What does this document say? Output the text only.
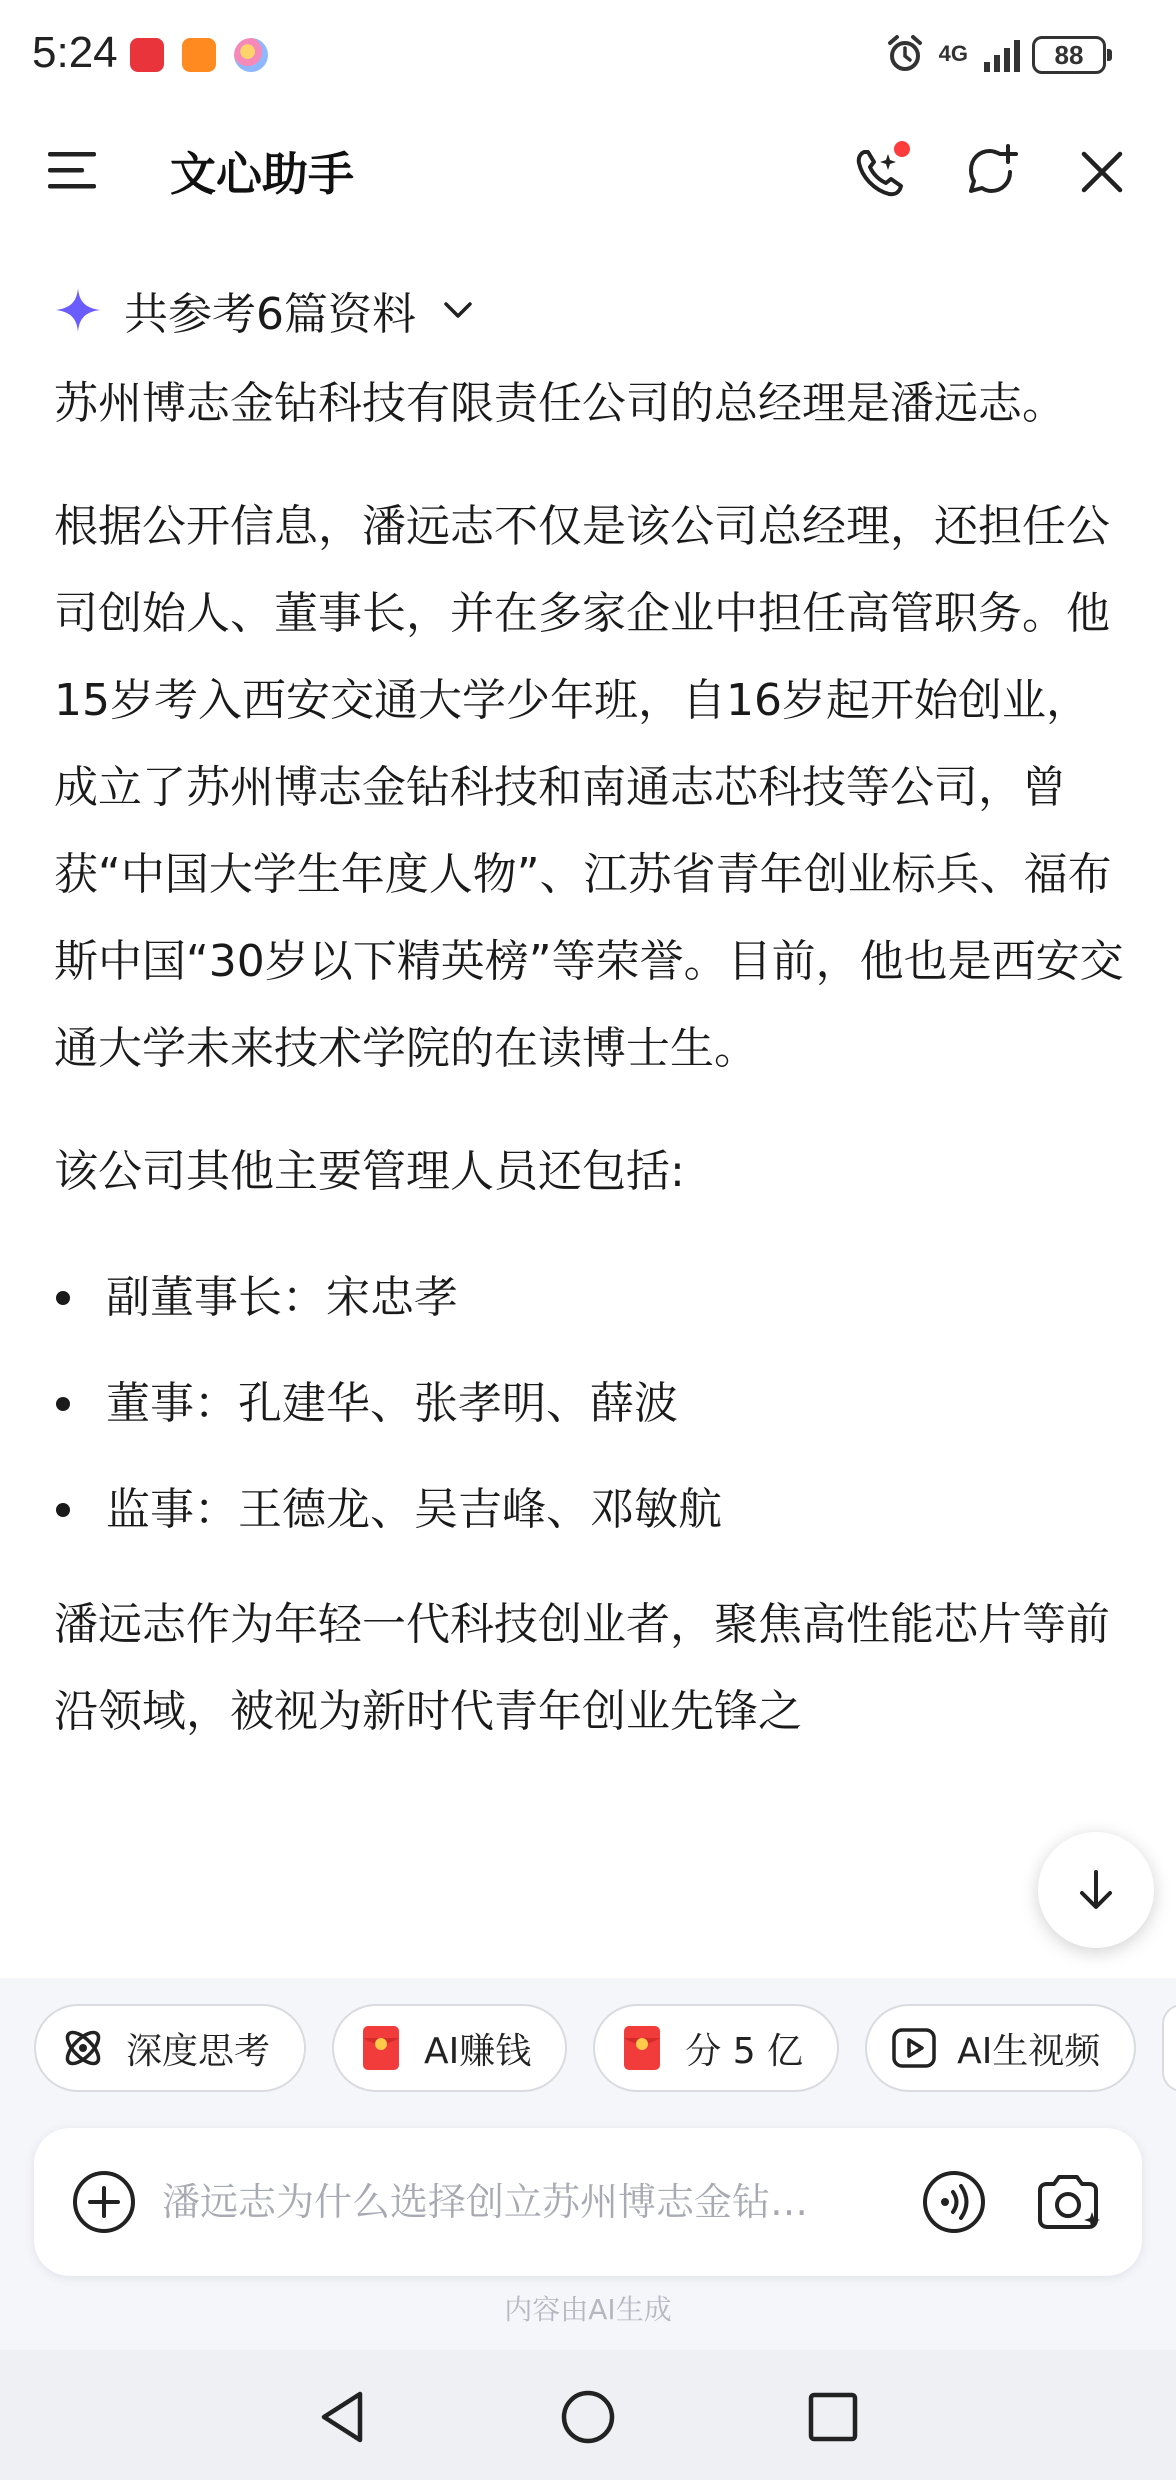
5:24	4G	88
文心助手
共参考6篇资料

苏州博志金钻科技有限责任公司的总经理是潘远志。

根据公开信息，潘远志不仅是该公司总经理，还担任公司创始人、董事长，并在多家企业中担任高管职务。他15岁考入西安交通大学少年班，自16岁起开始创业，成立了苏州博志金钻科技和南通志芯科技等公司，曾获“中国大学生年度人物”、江苏省青年创业标兵、福布斯中国“30岁以下精英榜”等荣誉。目前，他也是西安交通大学未来技术学院的在读博士生。

该公司其他主要管理人员还包括:

副董事长：宋忠孝
董事：孔建华、张孝明、薛波
监事：王德龙、吴吉峰、邓敏航

潘远志作为年轻一代科技创业者，聚焦高性能芯片等前沿领域，被视为新时代青年创业先锋之

深度思考	AI赚钱	分 5 亿	AI生视频
潘远志为什么选择创立苏州博志金钻…
内容由AI生成
